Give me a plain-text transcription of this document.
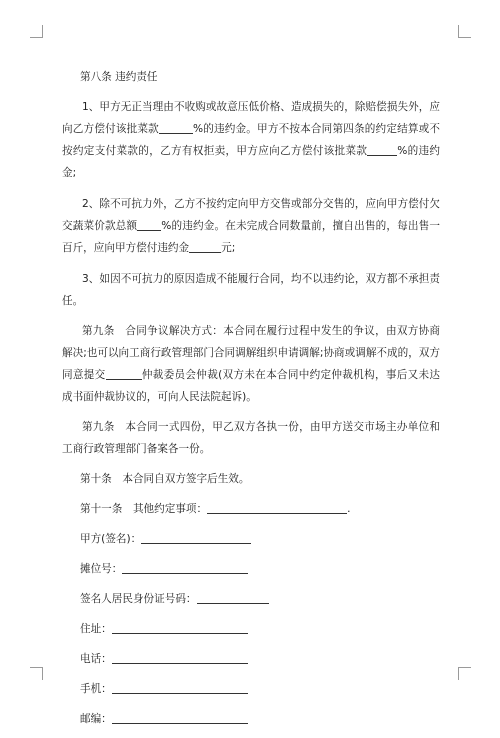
第八条 违约责任

1、甲方无正当理由不收购或故意压低价格、造成损失的，除赔偿损失外，应向乙方偿付该批菜款	%的违约金。甲方不按本合同第四条的约定结算或不按约定支付菜款的，乙方有权拒卖，甲方应向乙方偿付该批菜款	%的违约金;

2、除不可抗力外，乙方不按约定向甲方交售或部分交售的，应向甲方偿付欠交蔬菜价款总额 %的违约金。在未完成合同数量前，擅自出售的，每出售一百斤，应向甲方偿付违约金	元;

3、如因不可抗力的原因造成不能履行合同，均不以违约论，双方都不承担责任。

第九条　合同争议解决方式：本合同在履行过程中发生的争议，由双方协商解决;也可以向工商行政管理部门合同调解组织申请调解;协商或调解不成的，双方同意提交	仲裁委员会仲裁(双方未在本合同中约定仲裁机构，事后又未达成书面仲裁协议的，可向人民法院起诉)。

第九条　本合同一式四份，甲乙双方各执一份，由甲方送交市场主办单位和工商行政管理部门备案各一份。

第十条　本合同自双方签字后生效。

第十一条　其他约定事项：	.

甲方(签名)：

摊位号：

签名人居民身份证号码：

住址：

电话：

手机：

邮编：
